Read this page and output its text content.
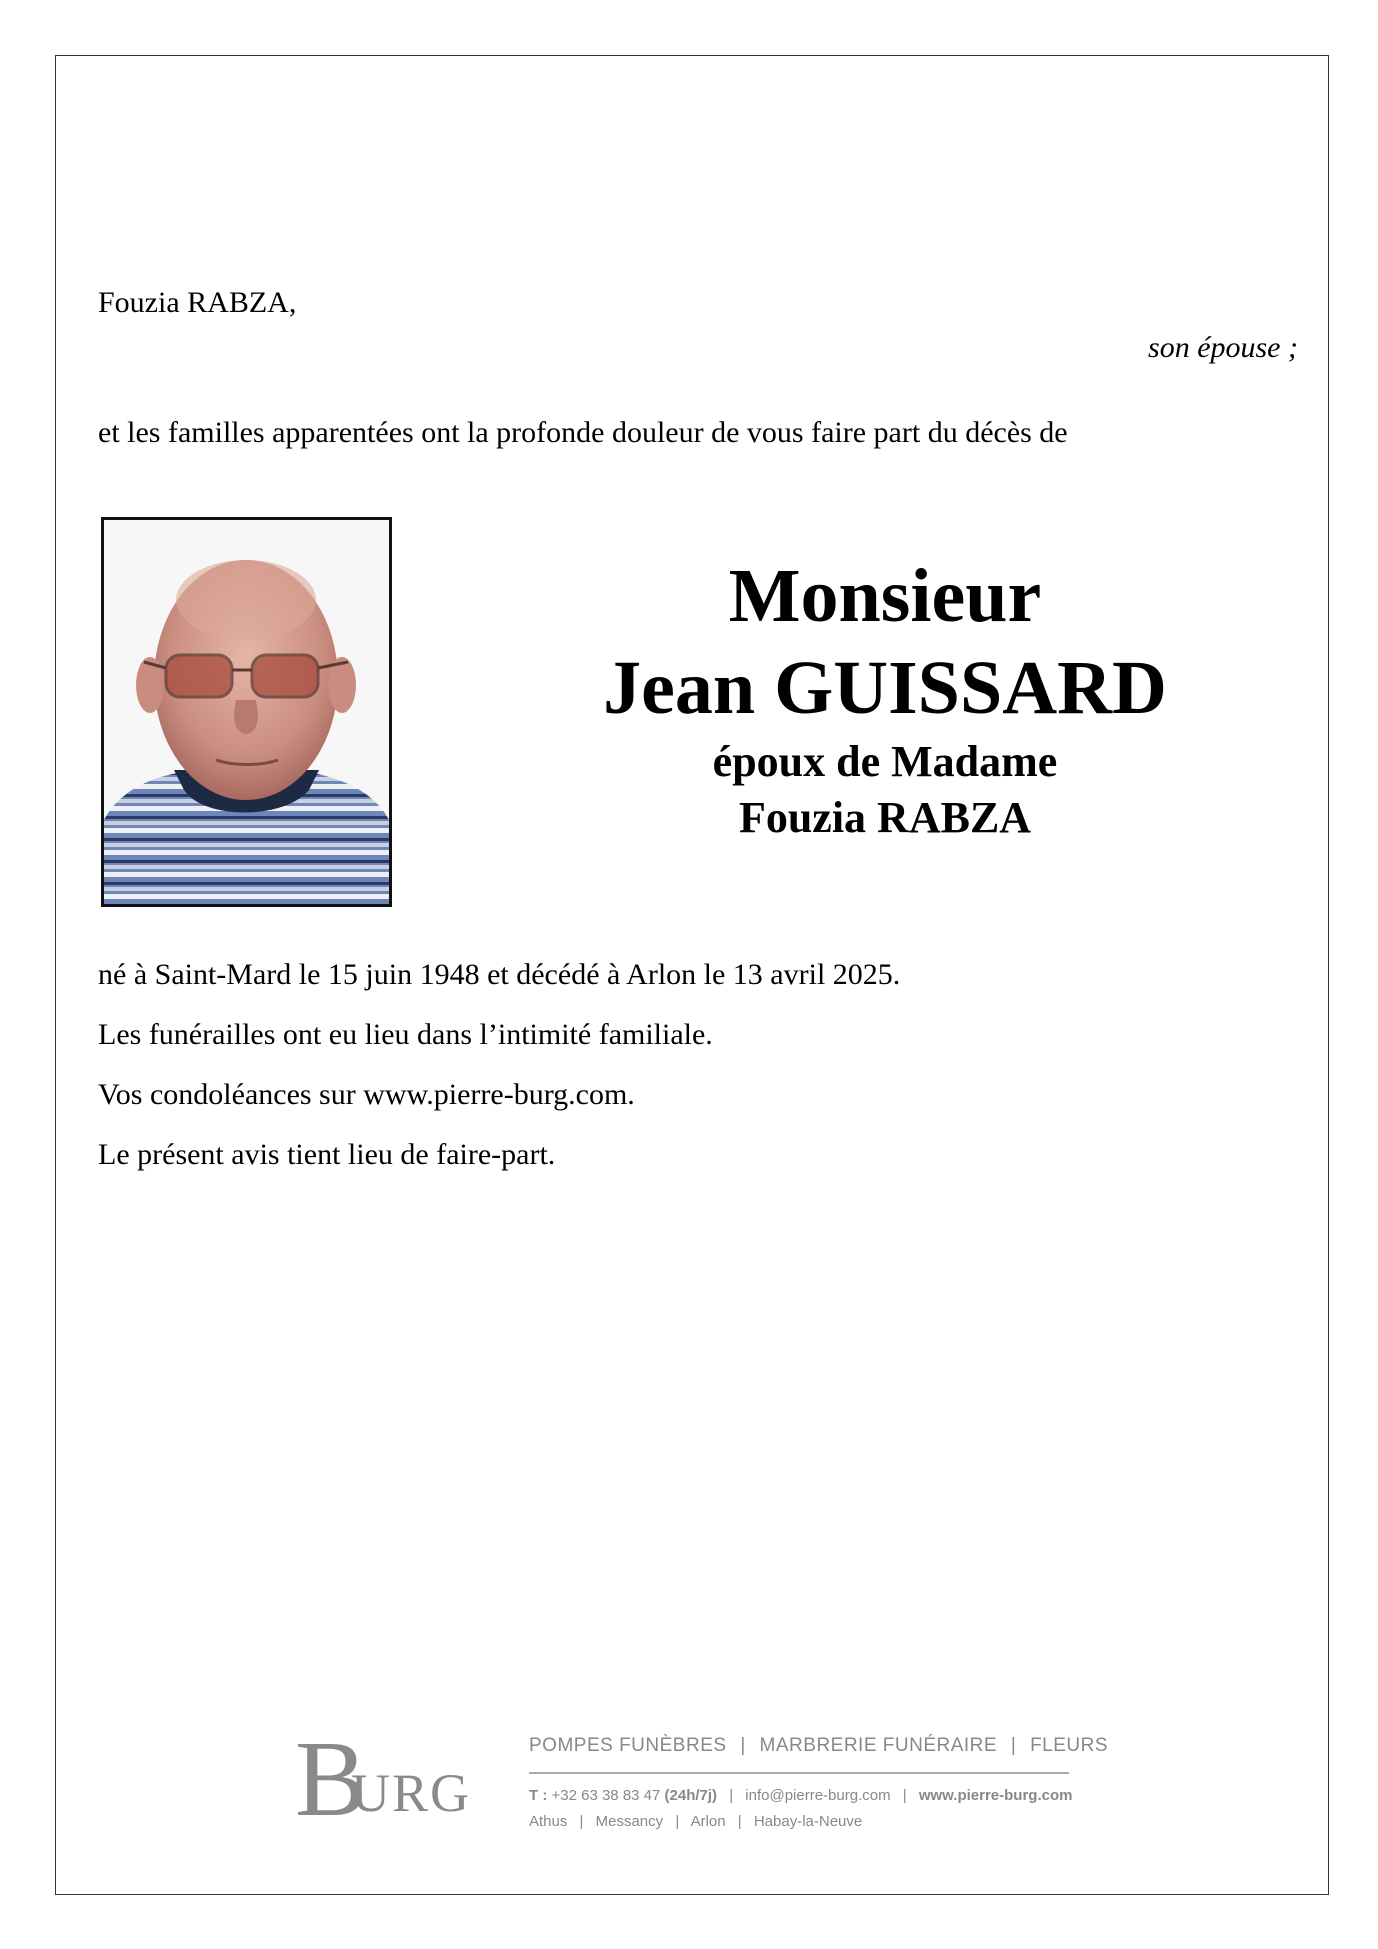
Fouzia RABZA,
son épouse ;
et les familles apparentées ont la profonde douleur de vous faire part du décès de
Monsieur
Jean GUISSARD
époux de Madame
Fouzia RABZA

né à Saint-Mard le 15 juin 1948 et décédé à Arlon le 13 avril 2025.

Les funérailles ont eu lieu dans l’intimité familiale.

Vos condoléances sur www.pierre-burg.com.

Le présent avis tient lieu de faire-part.

B
URG
POMPES FUNÈBRES | MARBRERIE FUNÉRAIRE | FLEURS
T : +32 63 38 83 47 (24h/7j) | info@pierre-burg.com | www.pierre-burg.com
Athus | Messancy | Arlon | Habay-la-Neuve
